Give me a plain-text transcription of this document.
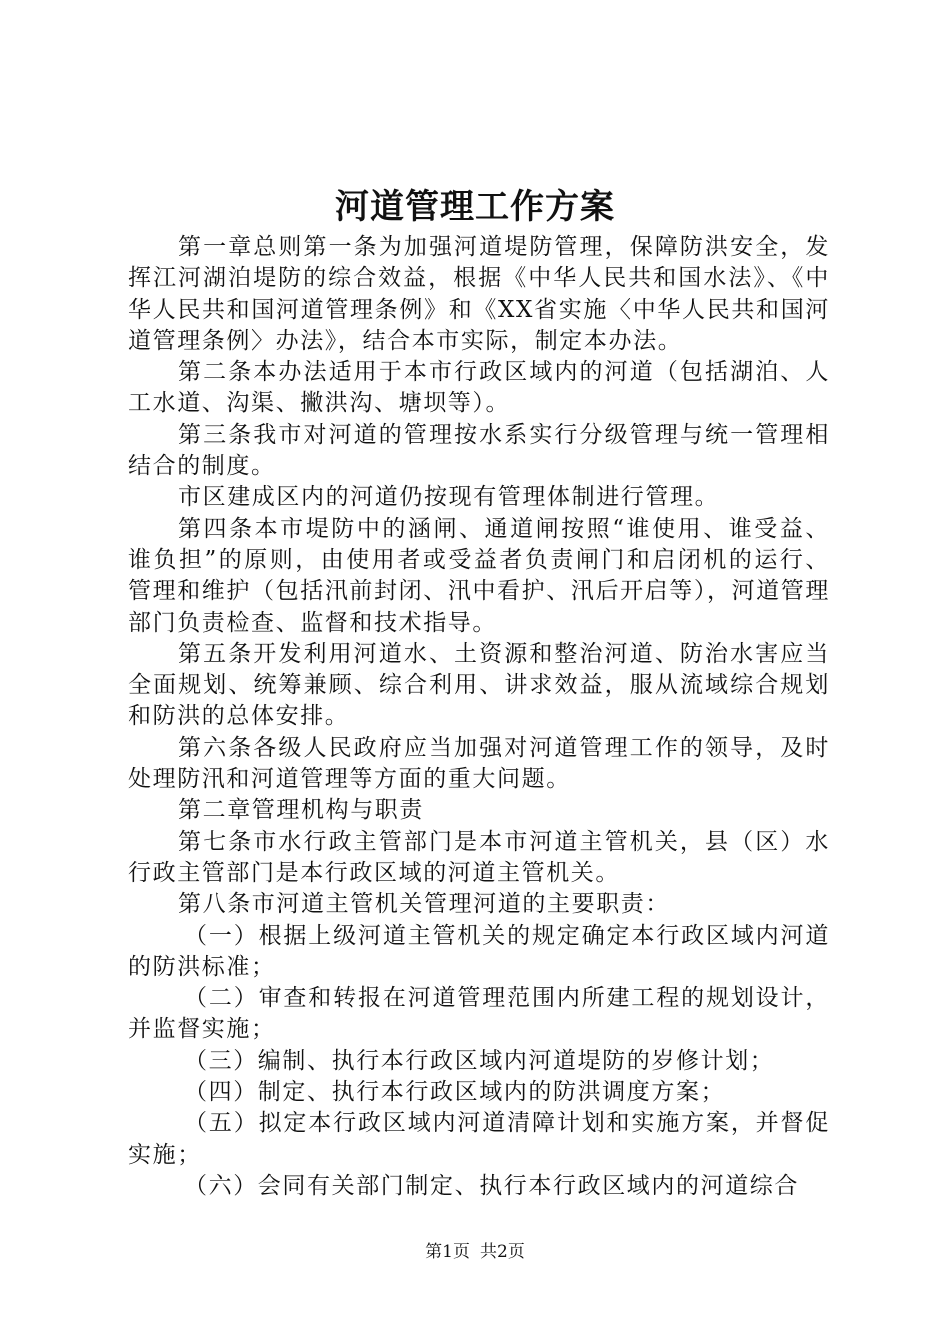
河道管理工作方案

第一章总则第一条为加强河道堤防管理，保障防洪安全，发挥江河湖泊堤防的综合效益，根据《中华人民共和国水法》、《中华人民共和国河道管理条例》和《XX省实施〈中华人民共和国河道管理条例〉办法》，结合本市实际，制定本办法。

第二条本办法适用于本市行政区域内的河道（包括湖泊、人工水道、沟渠、撇洪沟、塘坝等）。

第三条我市对河道的管理按水系实行分级管理与统一管理相结合的制度。

市区建成区内的河道仍按现有管理体制进行管理。

第四条本市堤防中的涵闸、通道闸按照“谁使用、谁受益、谁负担”的原则，由使用者或受益者负责闸门和启闭机的运行、管理和维护（包括汛前封闭、汛中看护、汛后开启等），河道管理部门负责检查、监督和技术指导。

第五条开发利用河道水、土资源和整治河道、防治水害应当全面规划、统筹兼顾、综合利用、讲求效益，服从流域综合规划和防洪的总体安排。

第六条各级人民政府应当加强对河道管理工作的领导，及时处理防汛和河道管理等方面的重大问题。

第二章管理机构与职责

第七条市水行政主管部门是本市河道主管机关，县（区）水行政主管部门是本行政区域的河道主管机关。

第八条市河道主管机关管理河道的主要职责：

（一）根据上级河道主管机关的规定确定本行政区域内河道的防洪标准；

（二）审查和转报在河道管理范围内所建工程的规划设计，并监督实施；

（三）编制、执行本行政区域内河道堤防的岁修计划；

（四）制定、执行本行政区域内的防洪调度方案；

（五）拟定本行政区域内河道清障计划和实施方案，并督促实施；

（六）会同有关部门制定、执行本行政区域内的河道综合

第1页 共2页
